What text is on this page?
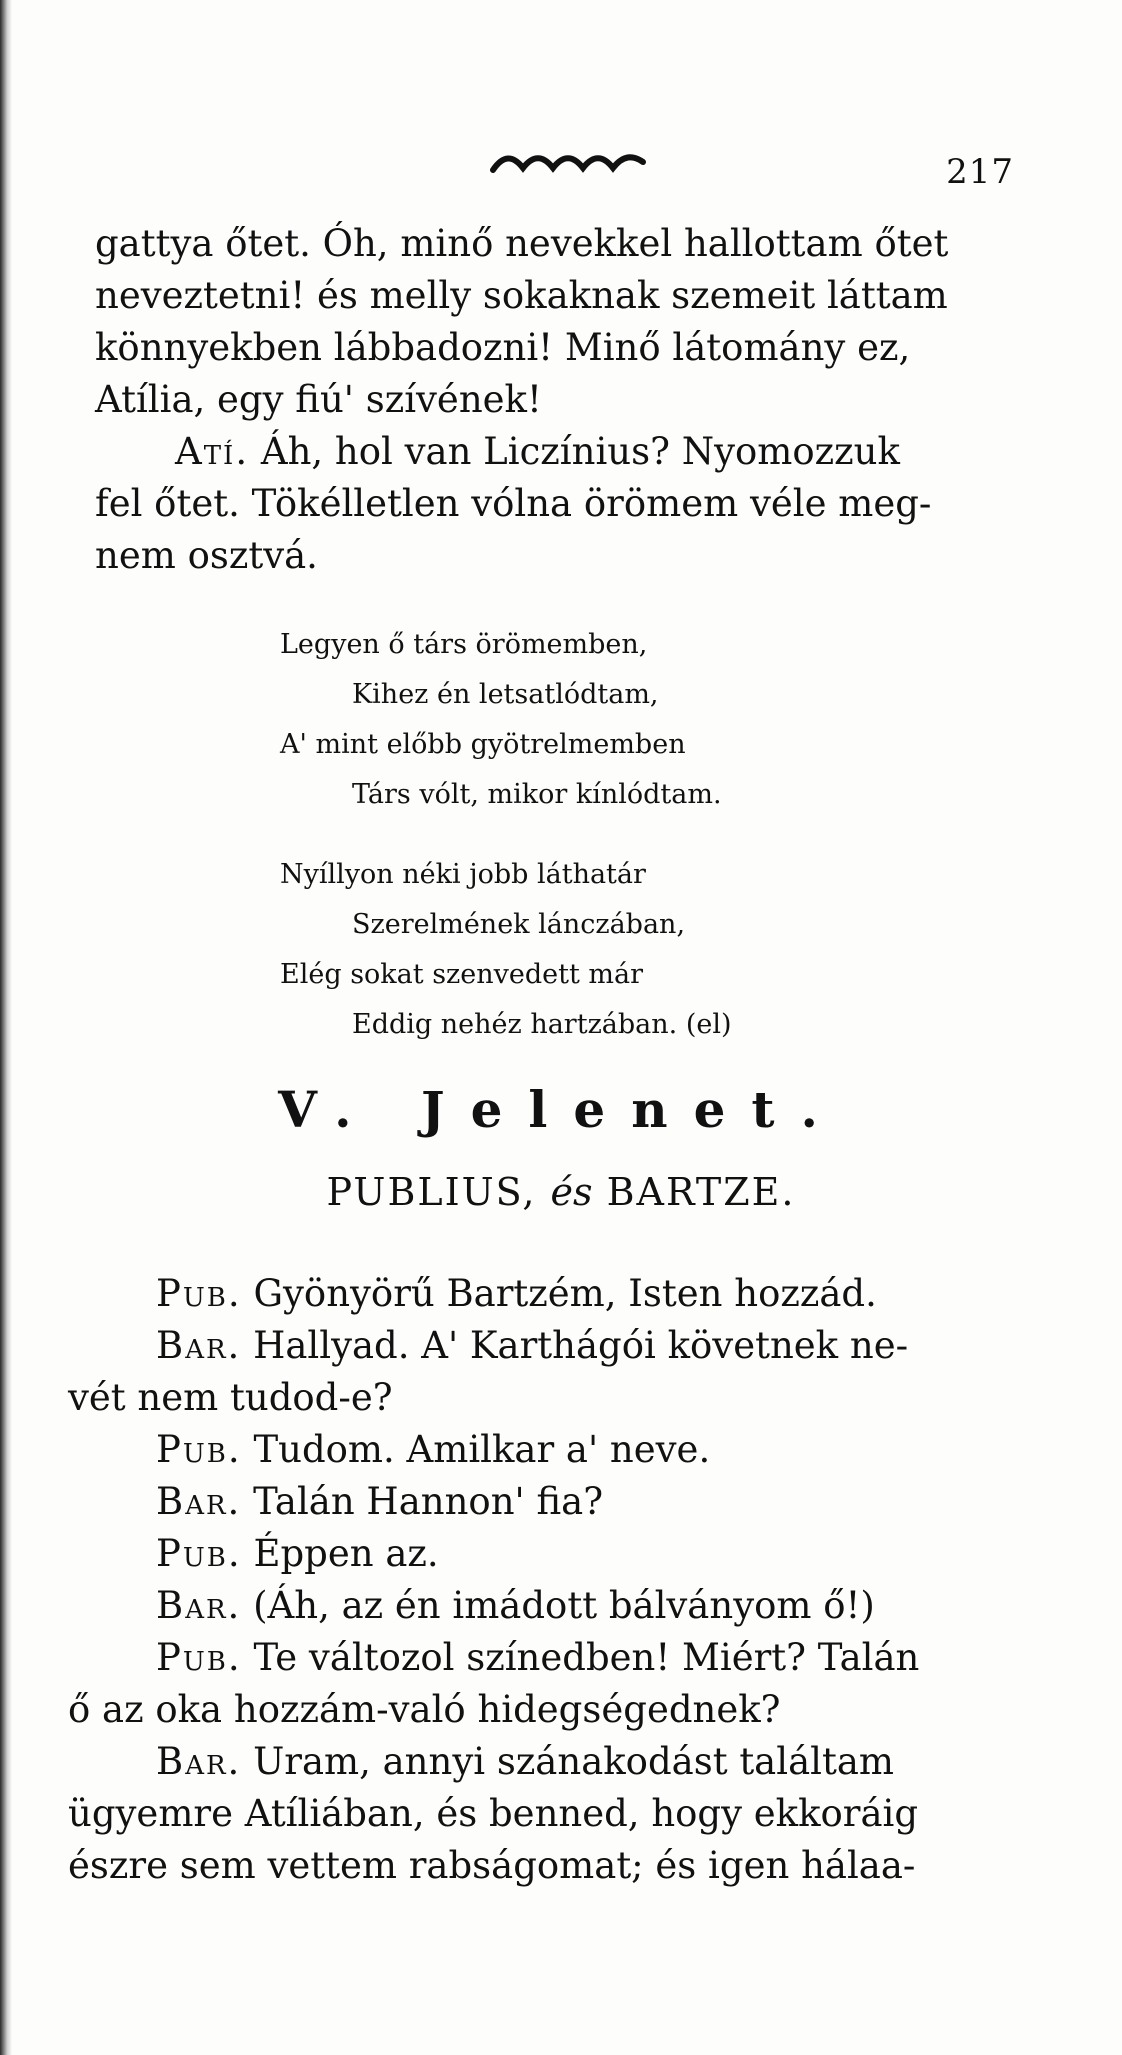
217

gattya őtet. Óh, minő nevekkel hallottam őtet
neveztetni! és melly sokaknak szemeit láttam
könnyekben lábbadozni! Minő látomány ez,
Atília, egy fiú' szívének!
Atí. Áh, hol van Liczínius? Nyomozzuk
fel őtet. Tökélletlen vólna örömem véle meg-
nem osztvá.

Legyen ő társ örömemben,
Kihez én letsatlódtam,
A' mint előbb gyötrelmemben
Társ vólt, mikor kínlódtam.
Nyíllyon néki jobb láthatár
Szerelmének lánczában,
Elég sokat szenvedett már
Eddig nehéz hartzában. (el)
V. Jelenet.
PUBLIUS, és BARTZE.
Pub. Gyönyörű Bartzém, Isten hozzád.
Bar. Hallyad. A' Karthágói követnek ne-
vét nem tudod-e?
Pub. Tudom. Amilkar a' neve.
Bar. Talán Hannon' fia?
Pub. Éppen az.
Bar. (Áh, az én imádott bálványom ő!)
Pub. Te változol színedben! Miért? Talán
ő az oka hozzám-való hidegségednek?
Bar. Uram, annyi szánakodást találtam
ügyemre Atíliában, és benned, hogy ekkoráig
észre sem vettem rabságomat; és igen hálaa-
